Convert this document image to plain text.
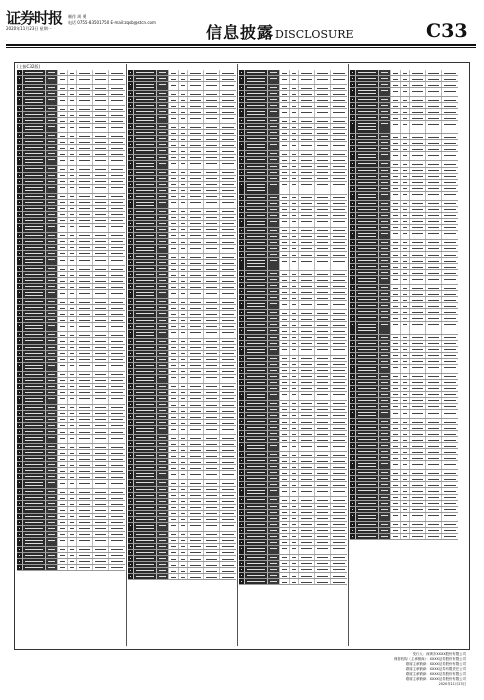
证券时报
2020年11月23日 星期一
制作 周 勇
电话 0755-83501750 E-mail:zqsb@stcn.com
信息披露DISCLOSURE	C33
(上接C32版)
发行人：深圳市XXXX股份有限公司
保荐机构（主承销商）：XXXX证券股份有限公司
联席主承销商：XXXX证券股份有限公司
联席主承销商：XXXX证券有限责任公司
联席主承销商：XXXX证券股份有限公司
联席主承销商：XXXX证券股份有限公司
2020年11月23日
